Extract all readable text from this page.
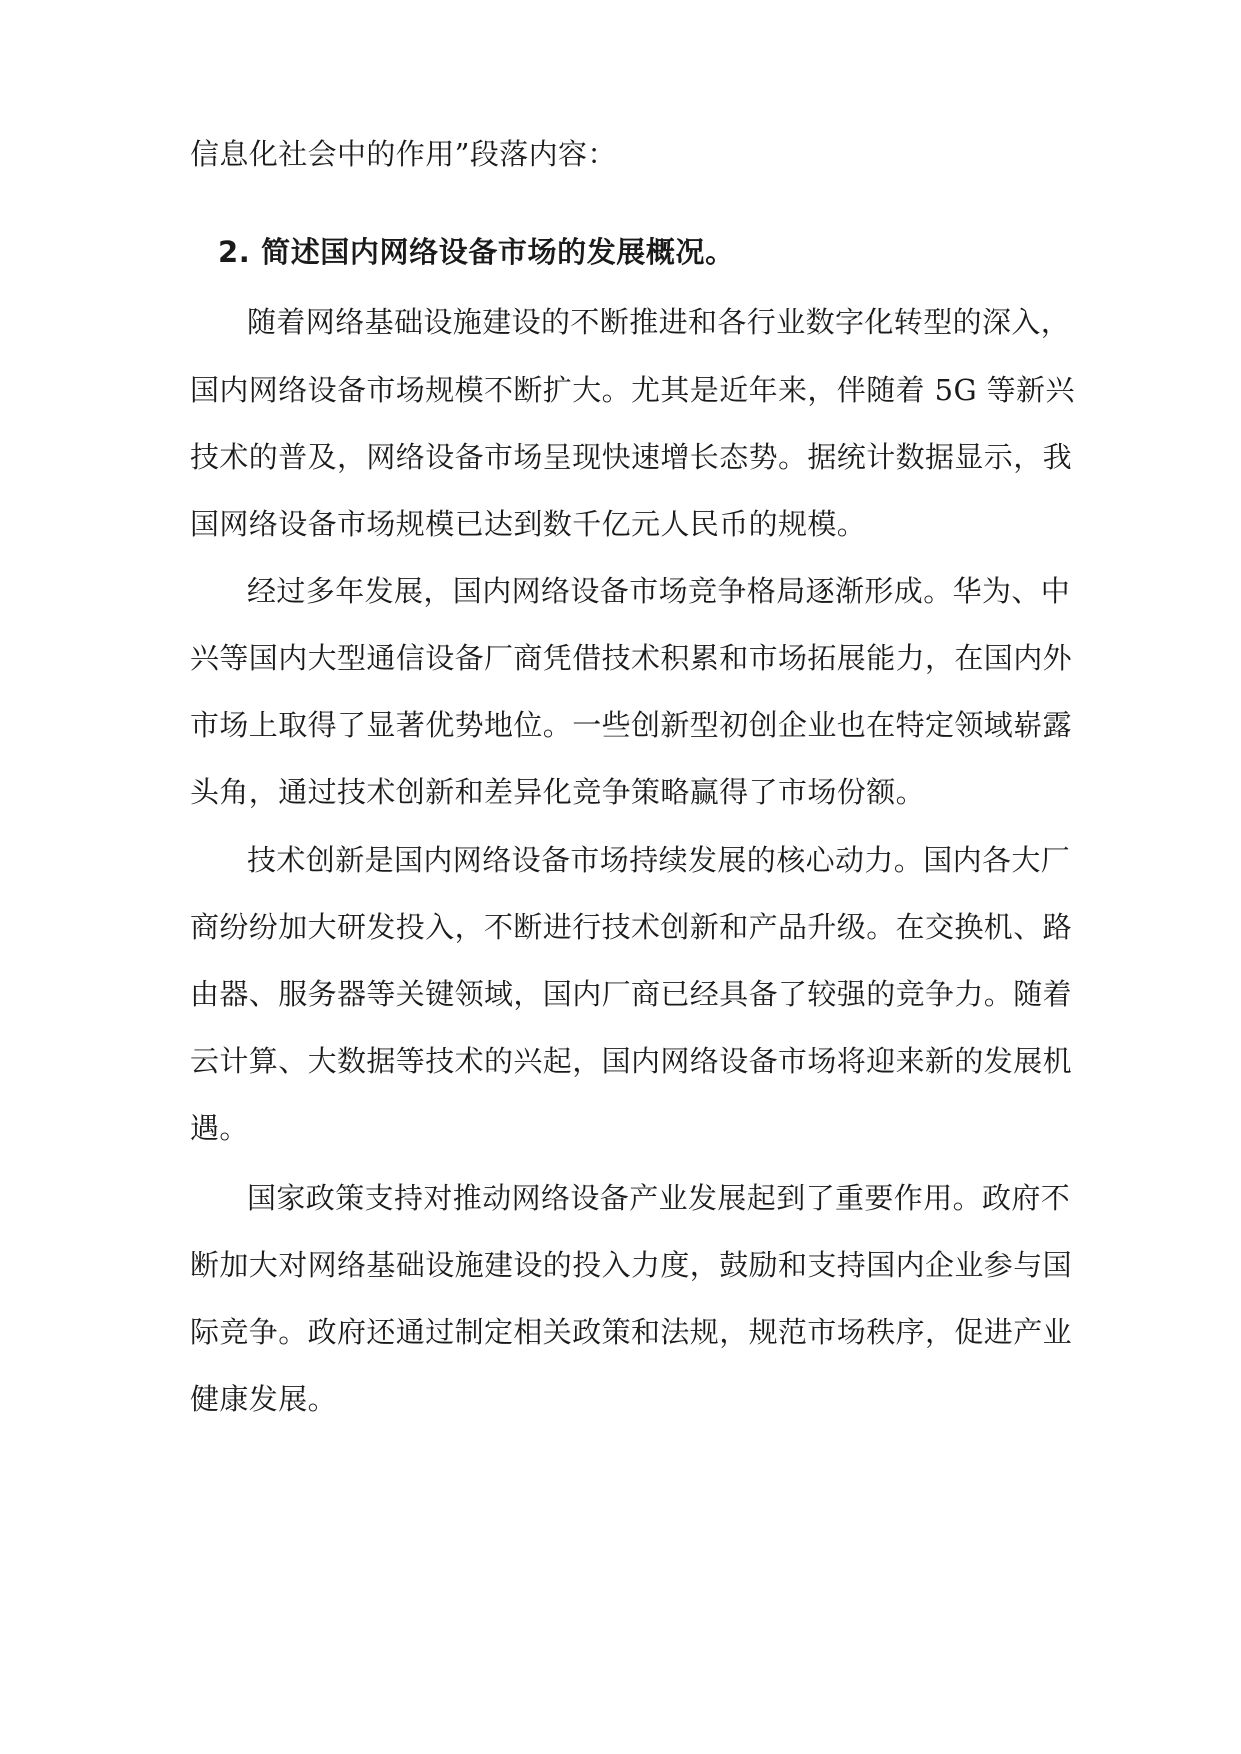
信息化社会中的作用”段落内容：
2. 简述国内网络设备市场的发展概况。
随着网络基础设施建设的不断推进和各行业数字化转型的深入，
国内网络设备市场规模不断扩大。尤其是近年来，伴随着 5G 等新兴
技术的普及，网络设备市场呈现快速增长态势。据统计数据显示，我
国网络设备市场规模已达到数千亿元人民币的规模。
经过多年发展，国内网络设备市场竞争格局逐渐形成。华为、中
兴等国内大型通信设备厂商凭借技术积累和市场拓展能力，在国内外
市场上取得了显著优势地位。一些创新型初创企业也在特定领域崭露
头角，通过技术创新和差异化竞争策略赢得了市场份额。
技术创新是国内网络设备市场持续发展的核心动力。国内各大厂
商纷纷加大研发投入，不断进行技术创新和产品升级。在交换机、路
由器、服务器等关键领域，国内厂商已经具备了较强的竞争力。随着
云计算、大数据等技术的兴起，国内网络设备市场将迎来新的发展机
遇。
国家政策支持对推动网络设备产业发展起到了重要作用。政府不
断加大对网络基础设施建设的投入力度，鼓励和支持国内企业参与国
际竞争。政府还通过制定相关政策和法规，规范市场秩序，促进产业
健康发展。
